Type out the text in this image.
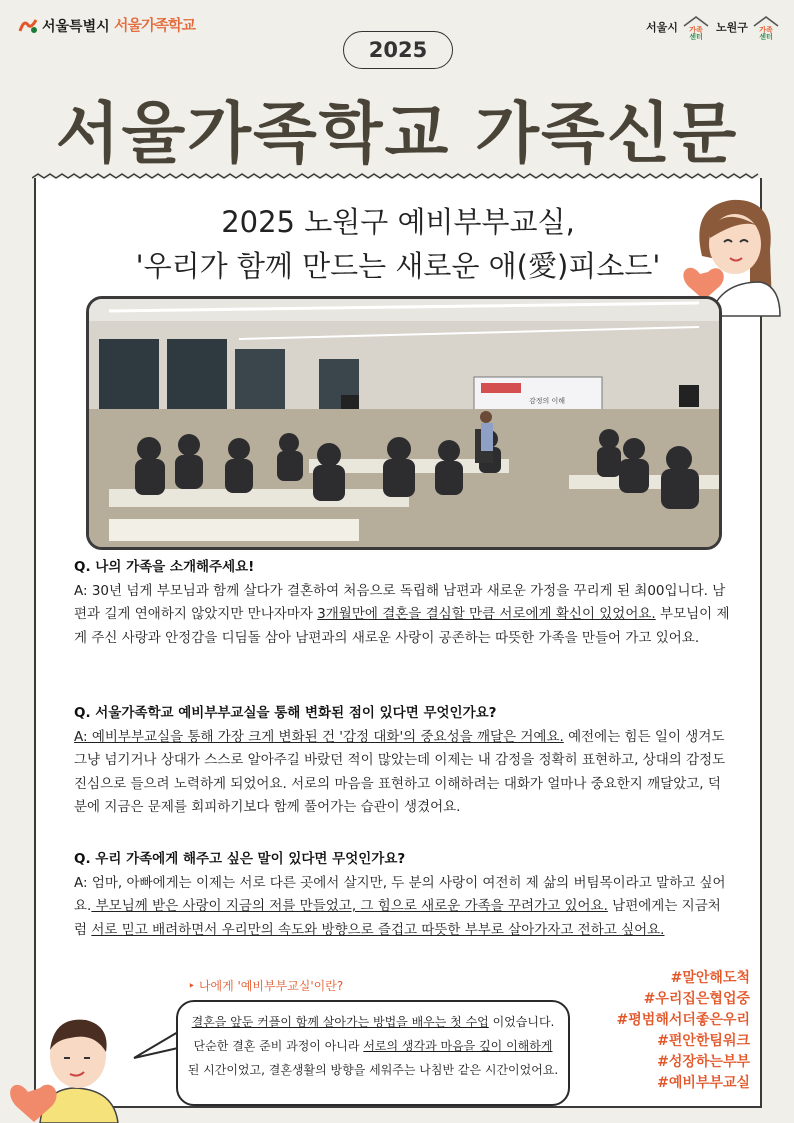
서울특별시 서울가족학교	서울시 가족
센터
노원구 가족
센터
2025
서울가족학교 가족신문
2025 노원구 예비부부교실,
'우리가 함께 만드는 새로운 애(愛)피소드'
감정의 이해
Q. 나의 가족을 소개해주세요!
A: 30년 넘게 부모님과 함께 살다가 결혼하여 처음으로 독립해 남편과 새로운 가정을 꾸리게 된 최00입니다. 남편과 길게 연애하지 않았지만 만나자마자 3개월만에 결혼을 결심할 만큼 서로에게 확신이 있었어요. 부모님이 제게 주신 사랑과 안정감을 디딤돌 삼아 남편과의 새로운 사랑이 공존하는 따뜻한 가족을 만들어 가고 있어요.
Q. 서울가족학교 예비부부교실을 통해 변화된 점이 있다면 무엇인가요?
A: 예비부부교실을 통해 가장 크게 변화된 건 '감정 대화'의 중요성을 깨달은 거예요. 예전에는 힘든 일이 생겨도 그냥 넘기거나 상대가 스스로 알아주길 바랐던 적이 많았는데 이제는 내 감정을 정확히 표현하고, 상대의 감정도 진심으로 들으려 노력하게 되었어요. 서로의 마음을 표현하고 이해하려는 대화가 얼마나 중요한지 깨달았고, 덕분에 지금은 문제를 회피하기보다 함께 풀어가는 습관이 생겼어요.
Q. 우리 가족에게 해주고 싶은 말이 있다면 무엇인가요?
A: 엄마, 아빠에게는 이제는 서로 다른 곳에서 살지만, 두 분의 사랑이 여전히 제 삶의 버팀목이라고 말하고 싶어요. 부모님께 받은 사랑이 지금의 저를 만들었고, 그 힘으로 새로운 가족을 꾸려가고 있어요. 남편에게는 지금처럼 서로 믿고 배려하면서 우리만의 속도와 방향으로 즐겁고 따뜻한 부부로 살아가자고 전하고 싶어요.
‣ 나에게 '예비부부교실'이란?
결혼을 앞둔 커플이 함께 살아가는 방법을 배우는 첫 수업 이었습니다.
단순한 결혼 준비 과정이 아니라 서로의 생각과 마음을 깊이 이해하게
된 시간이었고, 결혼생활의 방향을 세워주는 나침반 같은 시간이었어요.
#말안해도척
#우리집은협업중
#평범해서더좋은우리
#편안한팀워크
#성장하는부부
#예비부부교실
